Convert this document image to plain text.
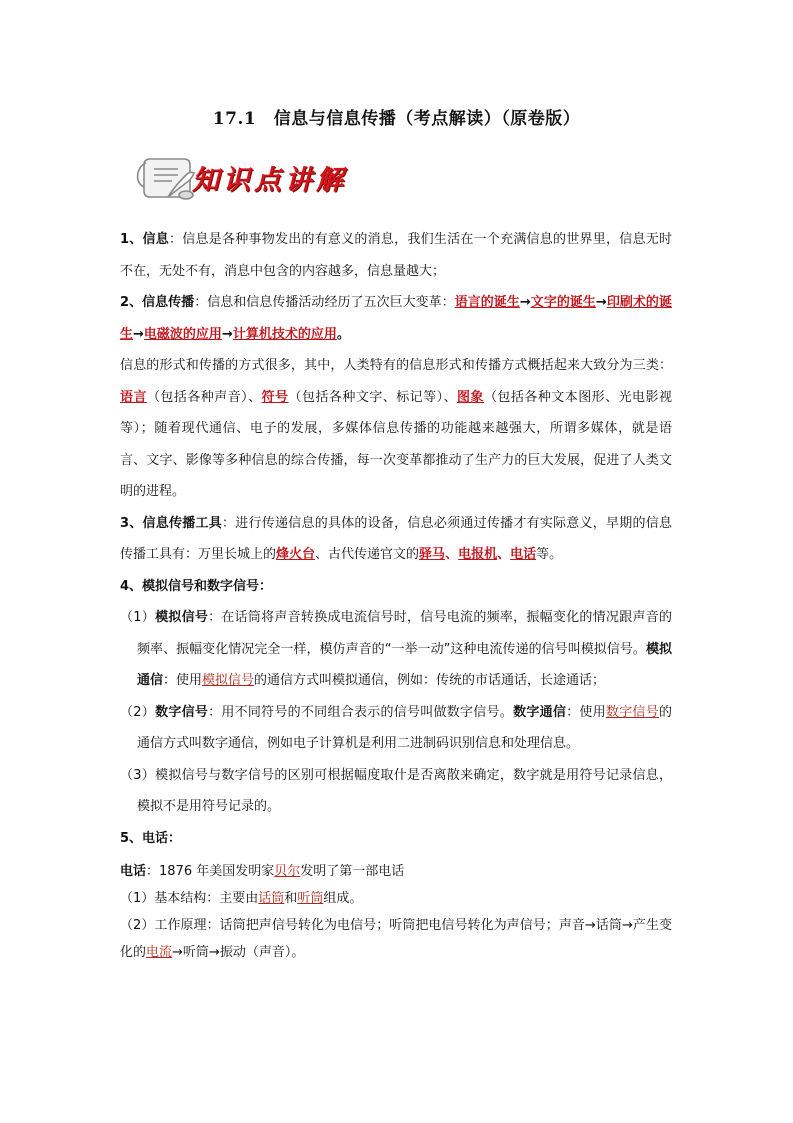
17.1　信息与信息传播（考点解读）（原卷版）
知识点讲解

1、信息：信息是各种事物发出的有意义的消息，我们生活在一个充满信息的世界里，信息无时不在，无处不有，消息中包含的内容越多，信息量越大；

2、信息传播：信息和信息传播活动经历了五次巨大变革：语言的诞生→文字的诞生→印刷术的诞生→电磁波的应用→计算机技术的应用。

信息的形式和传播的方式很多，其中，人类特有的信息形式和传播方式概括起来大致分为三类：语言（包括各种声音）、符号（包括各种文字、标记等）、图象（包括各种文本图形、光电影视等）；随着现代通信、电子的发展，多媒体信息传播的功能越来越强大，所谓多媒体，就是语言、文字、影像等多种信息的综合传播，每一次变革都推动了生产力的巨大发展，促进了人类文明的进程。

3、信息传播工具：进行传递信息的具体的设备，信息必须通过传播才有实际意义，早期的信息传播工具有：万里长城上的烽火台、古代传递官文的驿马、电报机、电话等。

4、模拟信号和数字信号：

（1）模拟信号：在话筒将声音转换成电流信号时，信号电流的频率，振幅变化的情况跟声音的频率、振幅变化情况完全一样，模仿声音的“一举一动”这种电流传递的信号叫模拟信号。模拟通信：使用模拟信号的通信方式叫模拟通信，例如：传统的市话通话，长途通话；

（2）数字信号：用不同符号的不同组合表示的信号叫做数字信号。数字通信：使用数字信号的通信方式叫数字通信，例如电子计算机是利用二进制码识别信息和处理信息。

（3）模拟信号与数字信号的区别可根据幅度取什是否离散来确定，数字就是用符号记录信息，模拟不是用符号记录的。

5、电话：

电话：1876 年美国发明家贝尔发明了第一部电话

（1）基本结构：主要由话筒和听筒组成。

（2）工作原理：话筒把声信号转化为电信号；听筒把电信号转化为声信号；声音→话筒→产生变化的电流→听筒→振动（声音）。
